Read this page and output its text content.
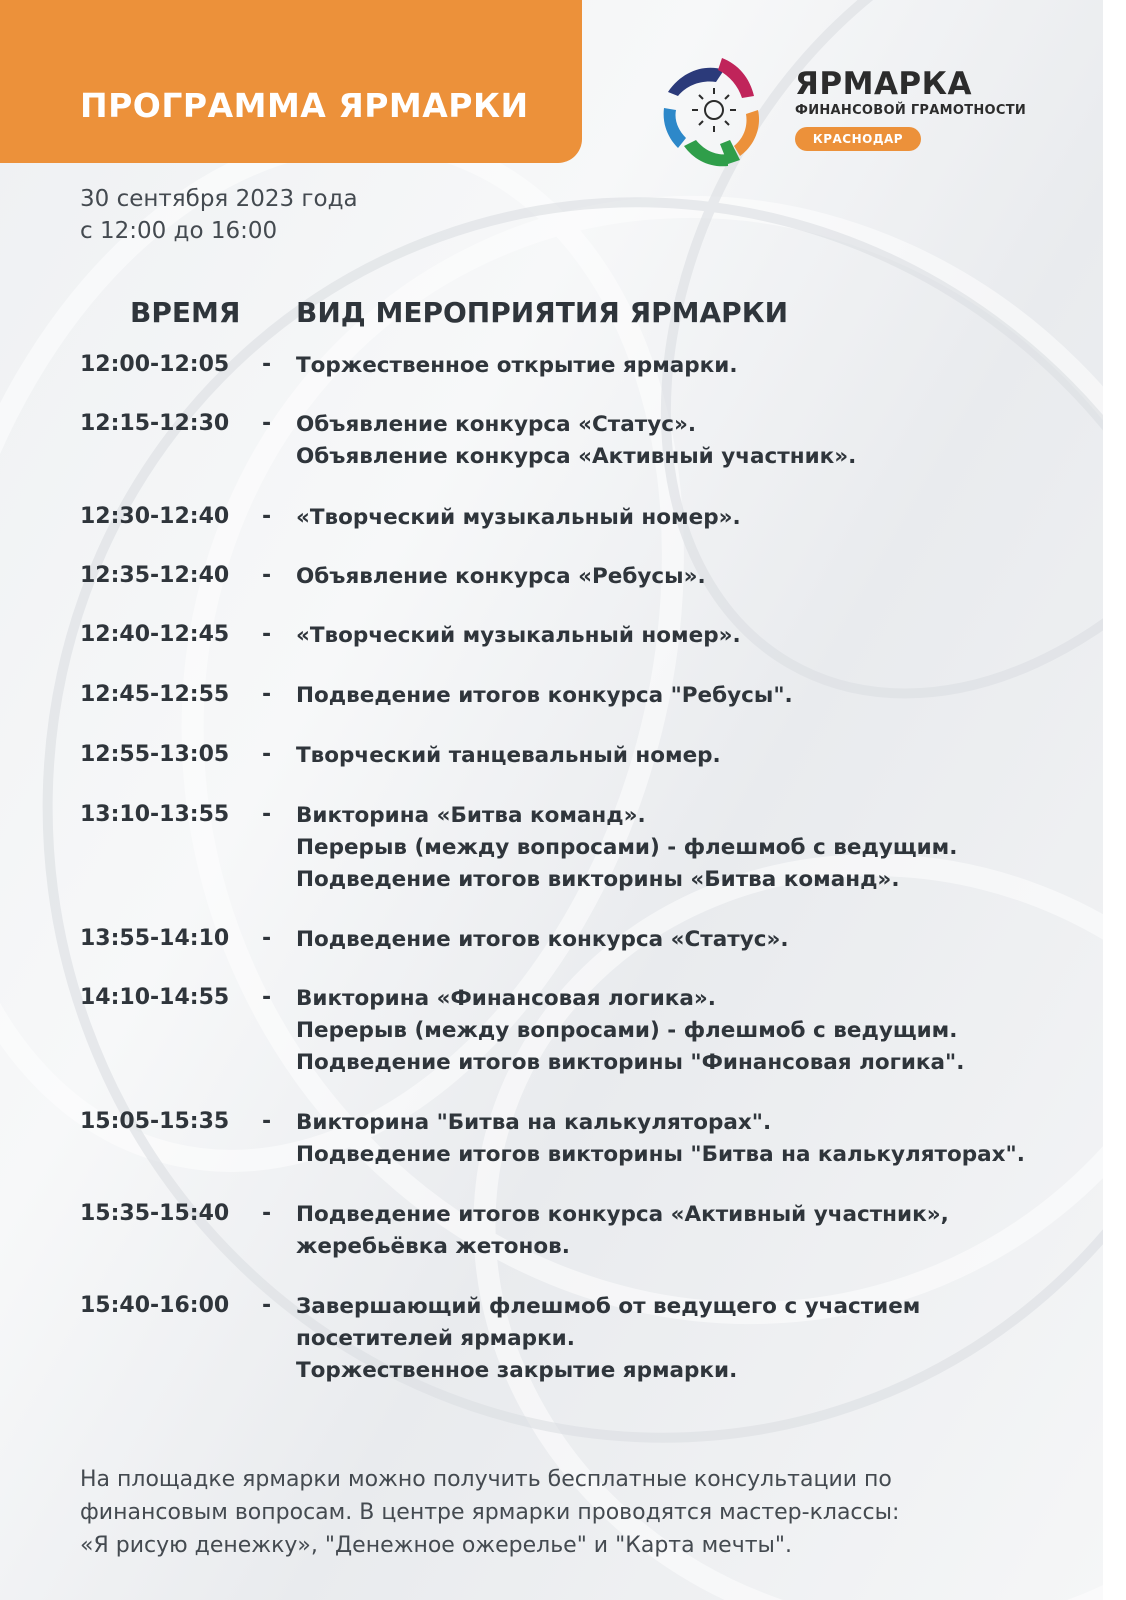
ПРОГРАММА ЯРМАРКИ
ЯРМАРКА
ФИНАНСОВОЙ ГРАМОТНОСТИ
КРАСНОДАР
30 сентября 2023 года
с 12:00 до 16:00
ВРЕМЯ ВИД МЕРОПРИЯТИЯ ЯРМАРКИ
12:00-12:05 - Торжественное открытие ярмарки.
12:15-12:30 - Объявление конкурса «Статус».
Объявление конкурса «Активный участник».
12:30-12:40 - «Творческий музыкальный номер».
12:35-12:40 - Объявление конкурса «Ребусы».
12:40-12:45 - «Творческий музыкальный номер».
12:45-12:55 - Подведение итогов конкурса "Ребусы".
12:55-13:05 - Творческий танцевальный номер.
13:10-13:55 - Викторина «Битва команд».
Перерыв (между вопросами) - флешмоб с ведущим.
Подведение итогов викторины «Битва команд».
13:55-14:10 - Подведение итогов конкурса «Статус».
14:10-14:55 - Викторина «Финансовая логика».
Перерыв (между вопросами) - флешмоб с ведущим.
Подведение итогов викторины "Финансовая логика".
15:05-15:35 - Викторина "Битва на калькуляторах".
Подведение итогов викторины "Битва на калькуляторах".
15:35-15:40 - Подведение итогов конкурса «Активный участник»,
жеребьёвка жетонов.
15:40-16:00 - Завершающий флешмоб от ведущего с участием
посетителей ярмарки.
Торжественное закрытие ярмарки.
На площадке ярмарки можно получить бесплатные консультации по
финансовым вопросам. В центре ярмарки проводятся мастер-классы:
«Я рисую денежку», "Денежное ожерелье" и "Карта мечты".
